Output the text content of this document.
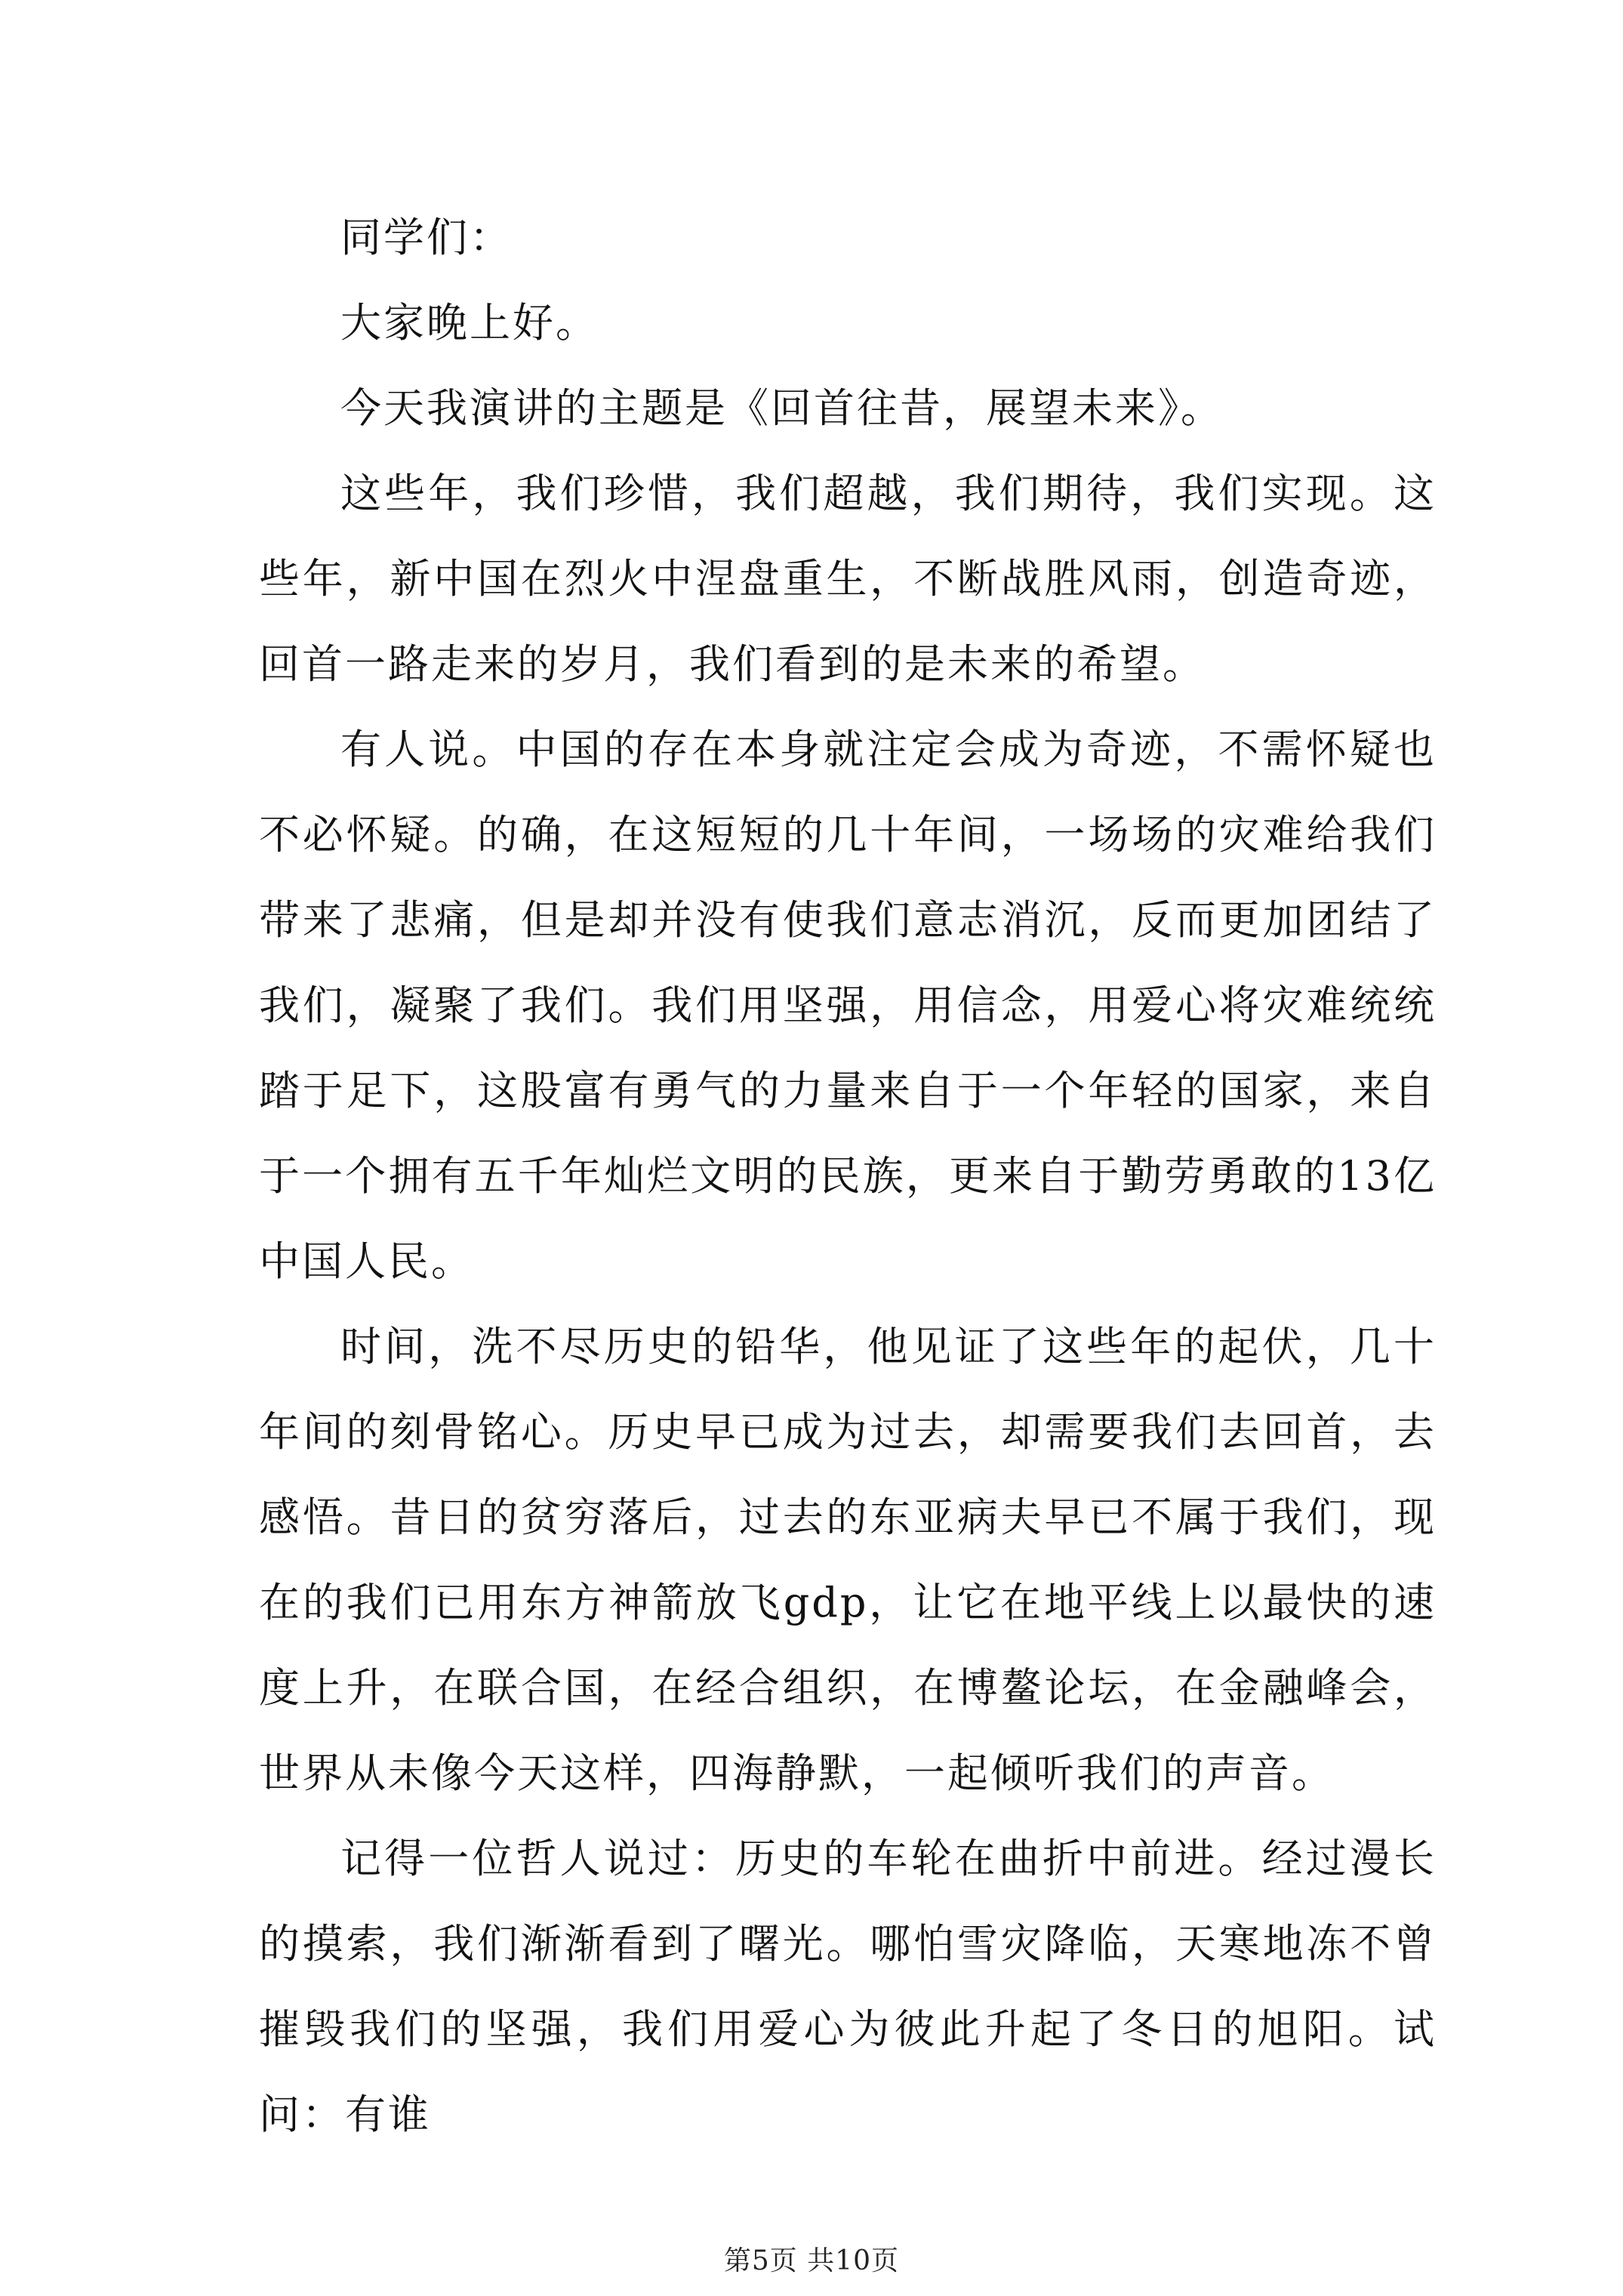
同学们：

大家晚上好。

今天我演讲的主题是《回首往昔，展望未来》。

这些年，我们珍惜，我们超越，我们期待，我们实现。这些年，新中国在烈火中涅盘重生，不断战胜风雨，创造奇迹，回首一路走来的岁月，我们看到的是未来的希望。

有人说。中国的存在本身就注定会成为奇迹，不需怀疑也不必怀疑。的确，在这短短的几十年间，一场场的灾难给我们带来了悲痛，但是却并没有使我们意志消沉，反而更加团结了我们，凝聚了我们。我们用坚强，用信念，用爱心将灾难统统踏于足下，这股富有勇气的力量来自于一个年轻的国家，来自于一个拥有五千年灿烂文明的民族，更来自于勤劳勇敢的13亿中国人民。

时间，洗不尽历史的铅华，他见证了这些年的起伏，几十年间的刻骨铭心。历史早已成为过去，却需要我们去回首，去感悟。昔日的贫穷落后，过去的东亚病夫早已不属于我们，现在的我们已用东方神箭放飞gdp，让它在地平线上以最快的速度上升，在联合国，在经合组织，在博鳌论坛，在金融峰会，世界从未像今天这样，四海静默，一起倾听我们的声音。

记得一位哲人说过：历史的车轮在曲折中前进。经过漫长的摸索，我们渐渐看到了曙光。哪怕雪灾降临，天寒地冻不曾摧毁我们的坚强，我们用爱心为彼此升起了冬日的旭阳。试问：有谁

第5页 共10页
